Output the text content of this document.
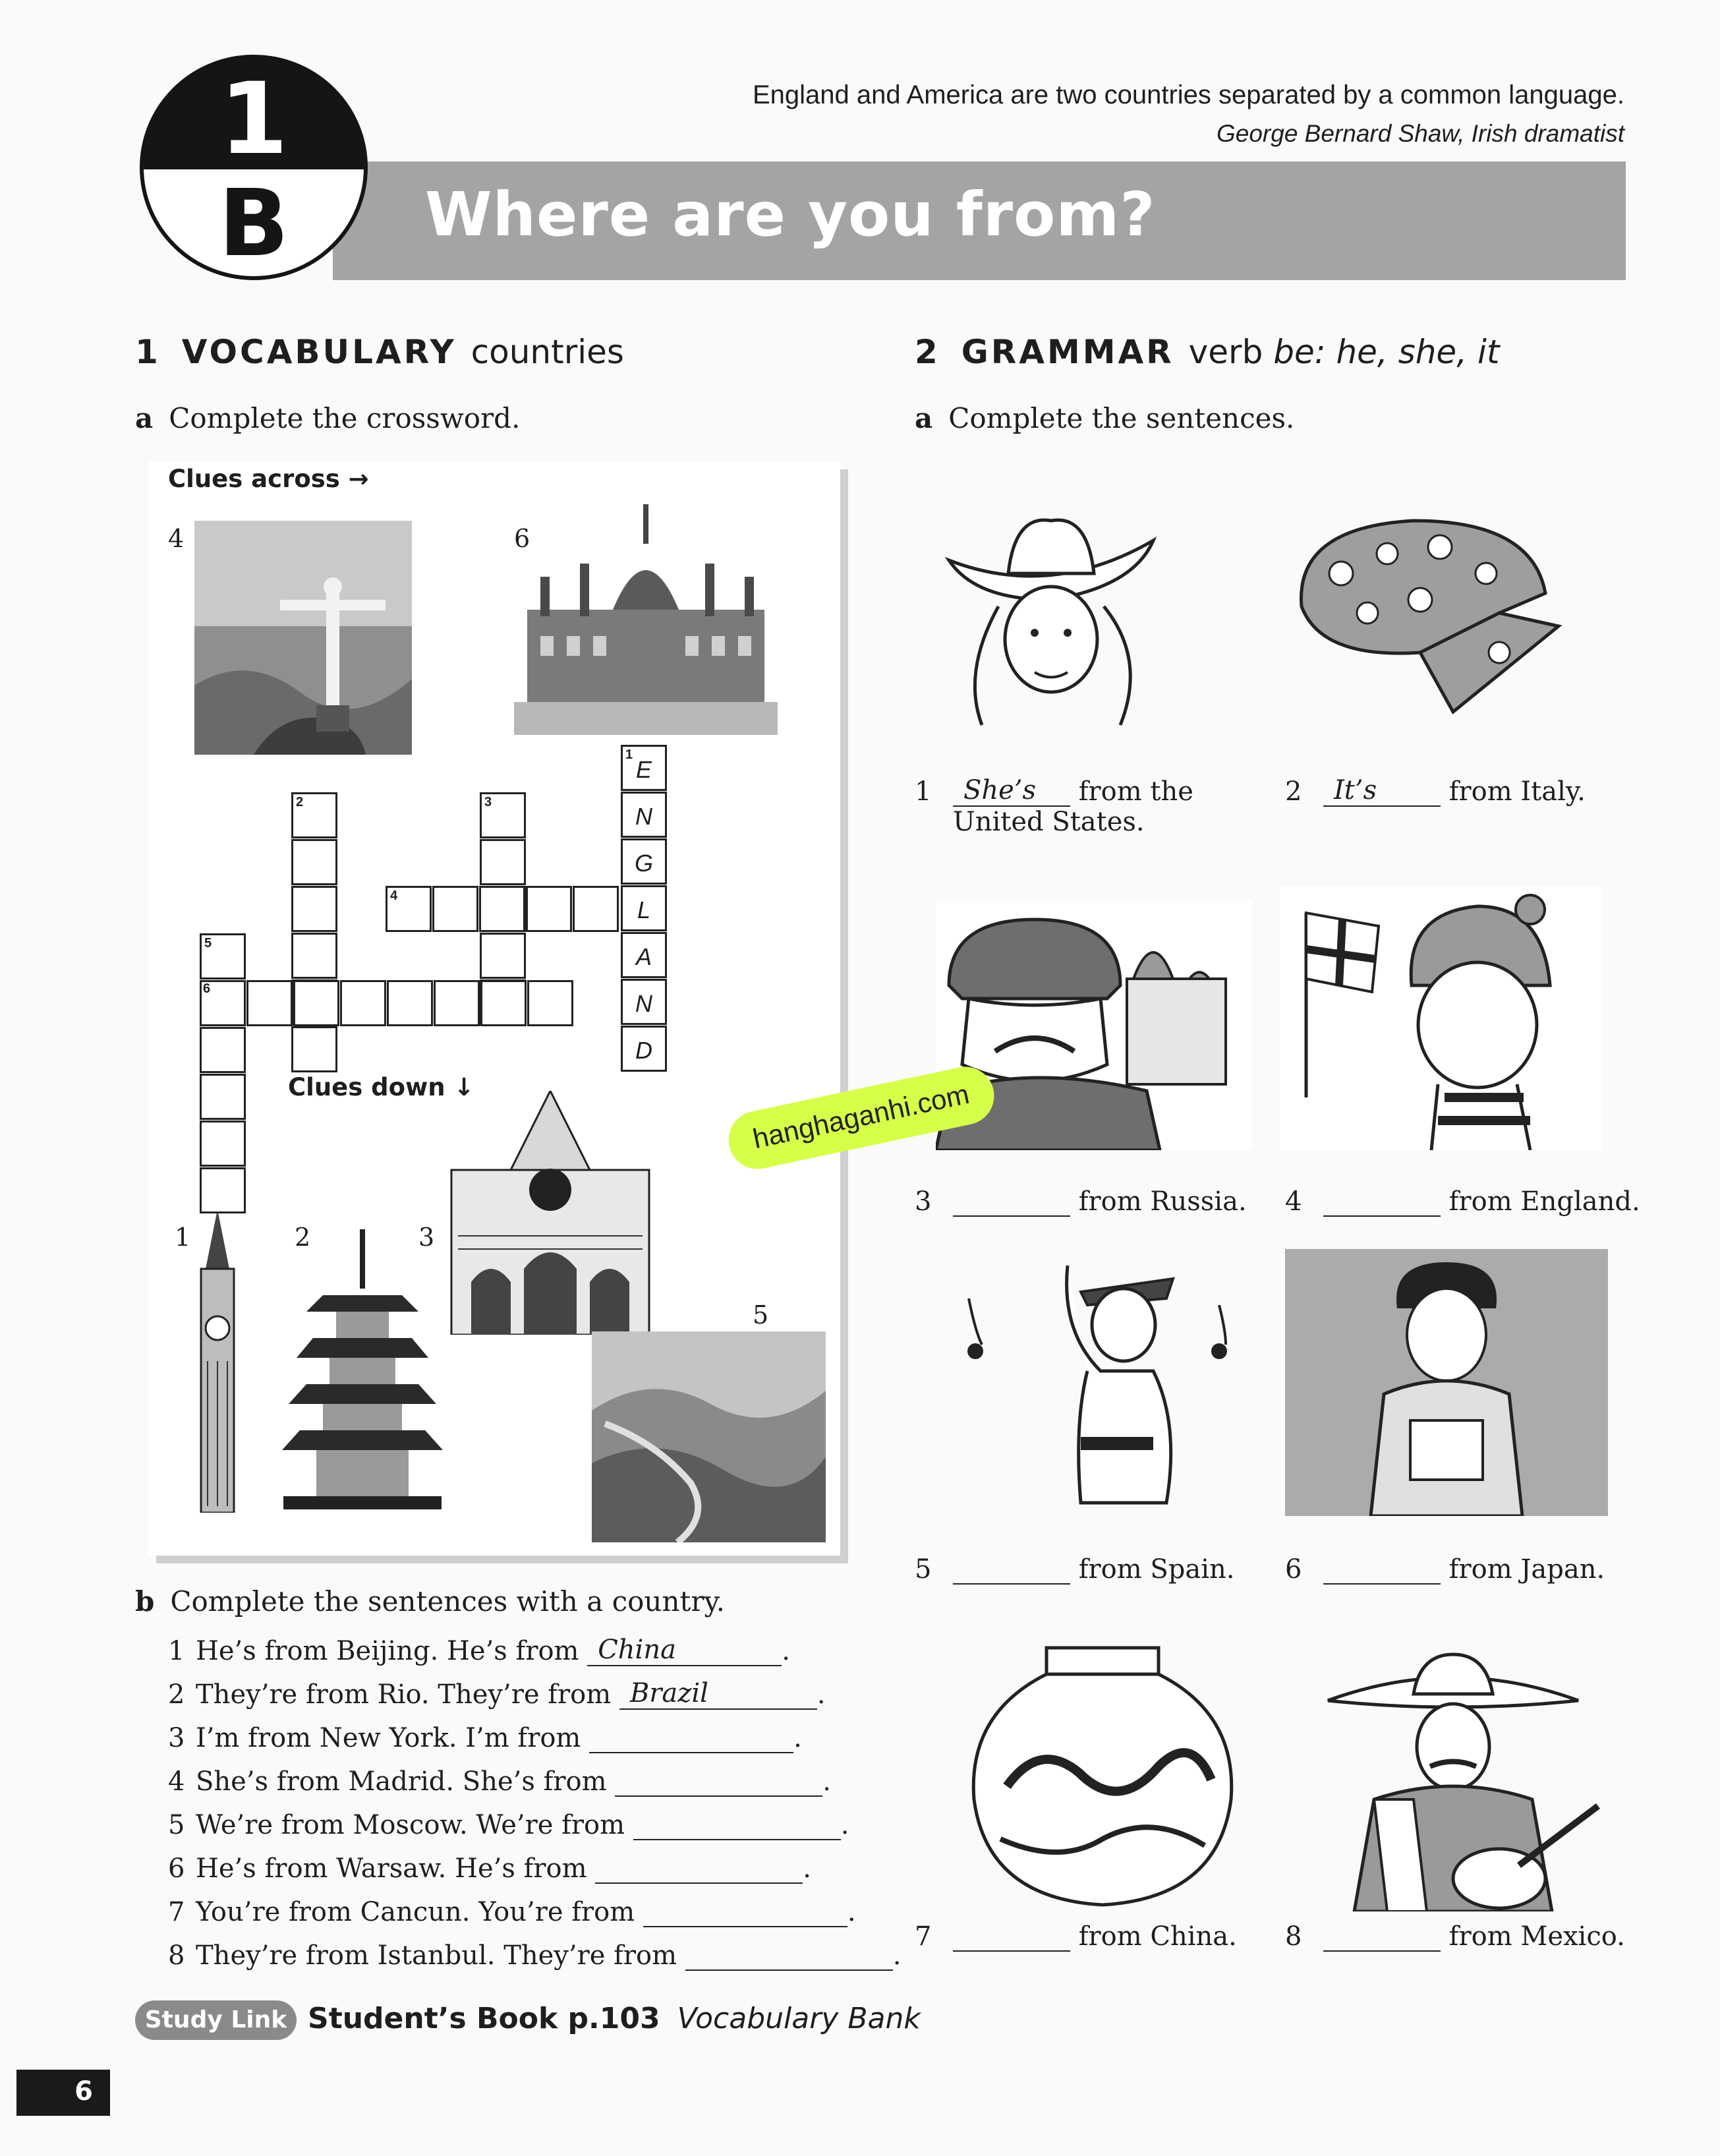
1
B Where are you from?
England and America are two countries separated by a common language.
George Bernard Shaw, Irish dramatist
1 VOCABULARY countries
a Complete the crossword.
Clues across →
Clues down ↓
4	6
1	2	3
5
1
E
N
G
L
A
N
D
2	3
4
5
6
b Complete the sentences with a country.
1 He’s from Beijing. He’s from China	.
2 They’re from Rio. They’re from Brazil	.
3 I’m from New York. I’m from	.
4 She’s from Madrid. She’s from	.
5 We’re from Moscow. We’re from	.
6 He’s from Warsaw. He’s from	.
7 You’re from Cancun. You’re from	.
8 They’re from Istanbul. They’re from	.
2 GRAMMAR verb be: he, she, it
a Complete the sentences.
1 She’s from the
United States.
2 It’s	from Italy.
3	from Russia. 4	from England.
5	from Spain. 6	from Japan.
7	from China. 8	from Mexico.
Study Link Student’s Book p.103 Vocabulary Bank
6
hanghaganhi.com
